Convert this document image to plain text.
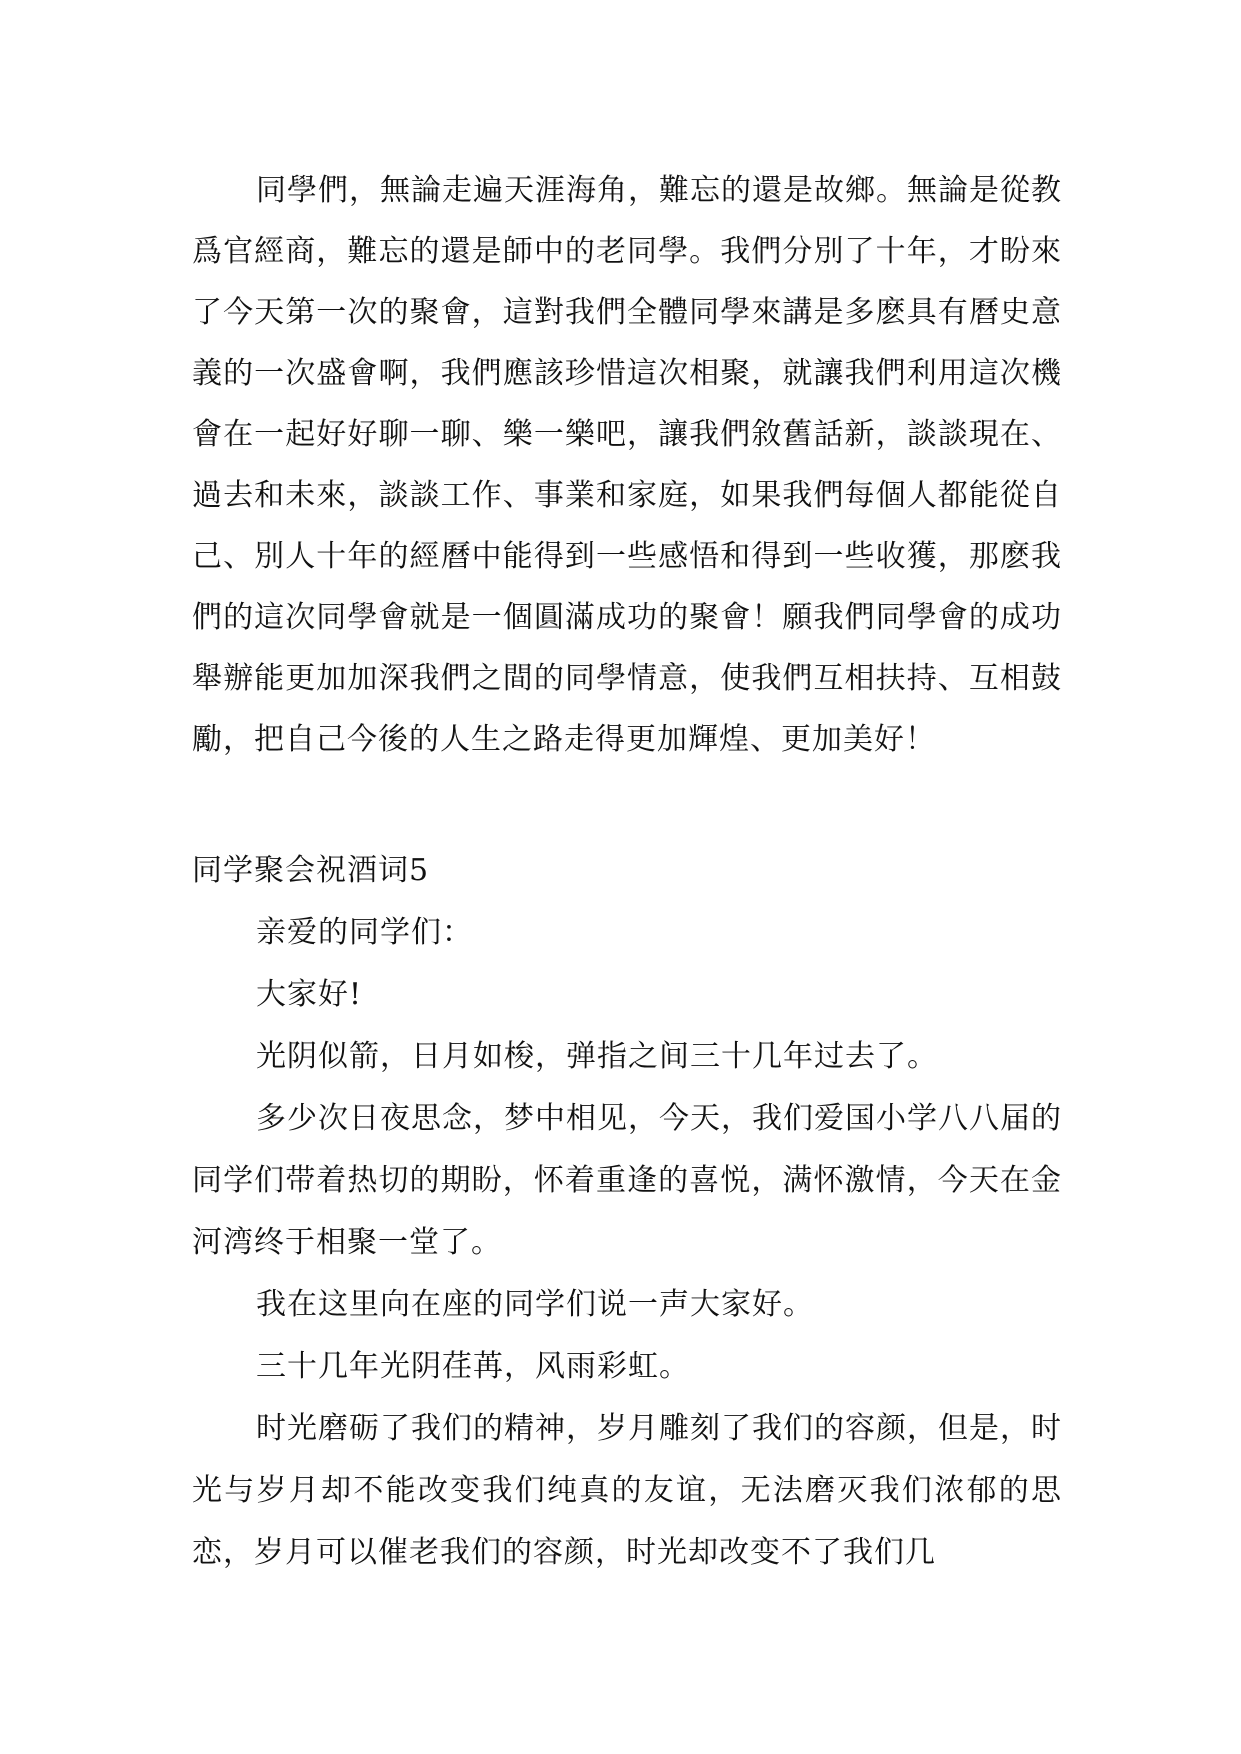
同學們，無論走遍天涯海角，難忘的還是故鄉。無論是從教爲官經商，難忘的還是師中的老同學。我們分別了十年，才盼來了今天第一次的聚會，這對我們全體同學來講是多麽具有曆史意義的一次盛會啊，我們應該珍惜這次相聚，就讓我們利用這次機會在一起好好聊一聊、樂一樂吧，讓我們敘舊話新，談談現在、過去和未來，談談工作、事業和家庭，如果我們每個人都能從自己、別人十年的經曆中能得到一些感悟和得到一些收獲，那麽我們的這次同學會就是一個圓滿成功的聚會！願我們同學會的成功舉辦能更加加深我們之間的同學情意，使我們互相扶持、互相鼓勵，把自己今後的人生之路走得更加輝煌、更加美好！

同学聚会祝酒词5

亲爱的同学们：

大家好!

光阴似箭，日月如梭，弹指之间三十几年过去了。

多少次日夜思念，梦中相见，今天，我们爱国小学八八届的同学们带着热切的期盼，怀着重逢的喜悦，满怀激情，今天在金河湾终于相聚一堂了。

我在这里向在座的同学们说一声大家好。

三十几年光阴荏苒，风雨彩虹。

时光磨砺了我们的精神，岁月雕刻了我们的容颜，但是，时光与岁月却不能改变我们纯真的友谊，无法磨灭我们浓郁的思恋，岁月可以催老我们的容颜，时光却改变不了我们几
